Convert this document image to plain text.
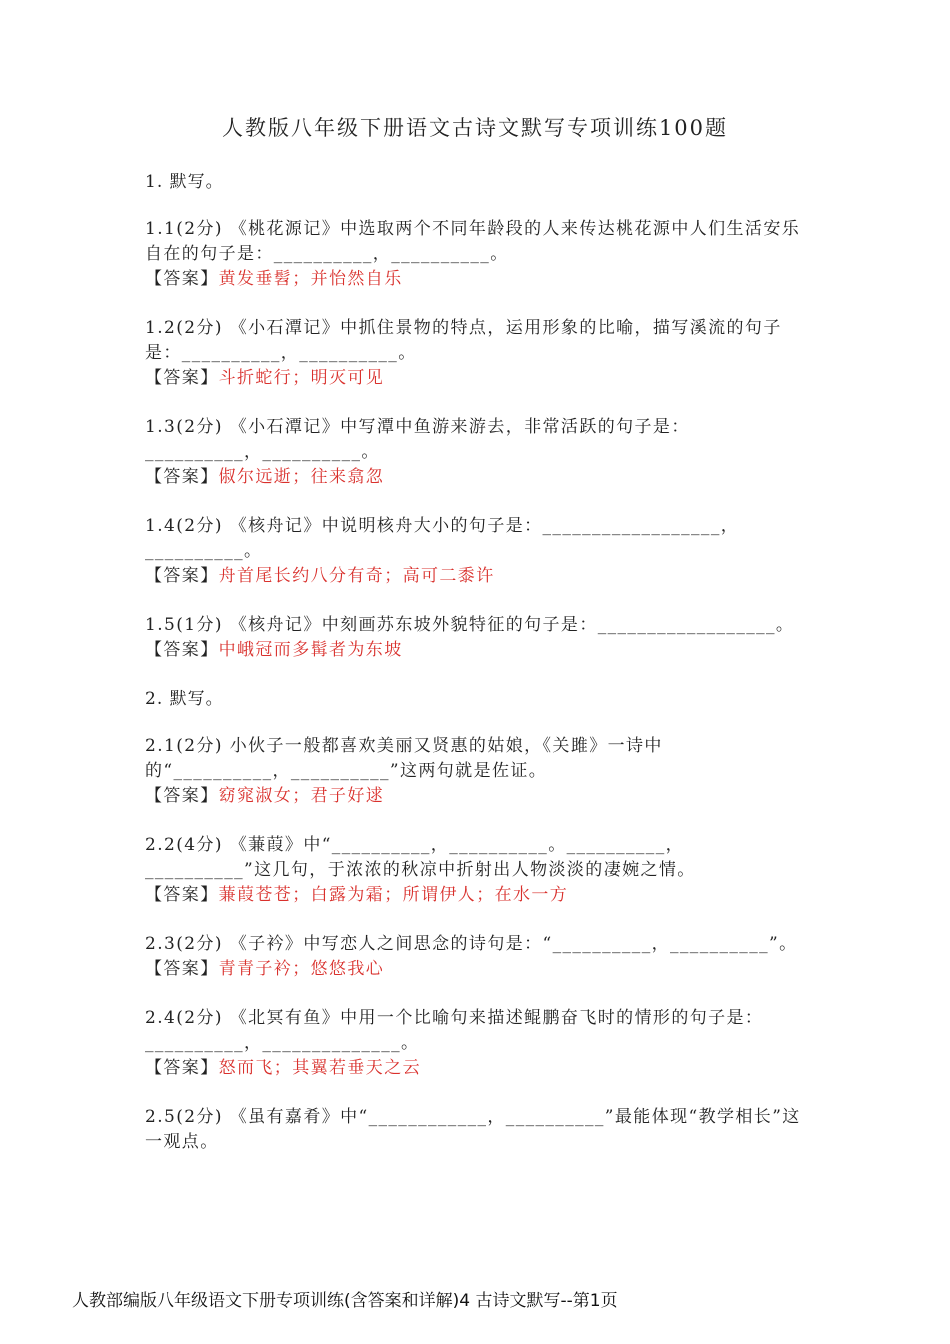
人教版八年级下册语文古诗文默写专项训练100题
1. 默写。
1.1(2分) 《桃花源记》中选取两个不同年龄段的人来传达桃花源中人们生活安乐自在的句子是：__________，__________。
【答案】黄发垂髫；并怡然自乐
1.2(2分) 《小石潭记》中抓住景物的特点，运用形象的比喻，描写溪流的句子是：__________，__________。
【答案】斗折蛇行；明灭可见
1.3(2分) 《小石潭记》中写潭中鱼游来游去，非常活跃的句子是：__________，__________。
【答案】俶尔远逝；往来翕忽
1.4(2分) 《核舟记》中说明核舟大小的句子是：__________________，__________。
【答案】舟首尾长约八分有奇；高可二黍许
1.5(1分) 《核舟记》中刻画苏东坡外貌特征的句子是：__________________。
【答案】中峨冠而多髯者为东坡
2. 默写。
2.1(2分) 小伙子一般都喜欢美丽又贤惠的姑娘，《关雎》一诗中的“__________，__________”这两句就是佐证。
【答案】窈窕淑女；君子好逑
2.2(4分) 《蒹葭》中“__________，__________。__________，__________”这几句，于浓浓的秋凉中折射出人物淡淡的凄婉之情。
【答案】蒹葭苍苍；白露为霜；所谓伊人；在水一方
2.3(2分) 《子衿》中写恋人之间思念的诗句是：“__________，__________”。
【答案】青青子衿；悠悠我心
2.4(2分) 《北冥有鱼》中用一个比喻句来描述鲲鹏奋飞时的情形的句子是：__________，______________。
【答案】怒而飞；其翼若垂天之云
2.5(2分) 《虽有嘉肴》中“____________，__________”最能体现“教学相长”这一观点。
人教部编版八年级语文下册专项训练(含答案和详解)4 古诗文默写--第1页
